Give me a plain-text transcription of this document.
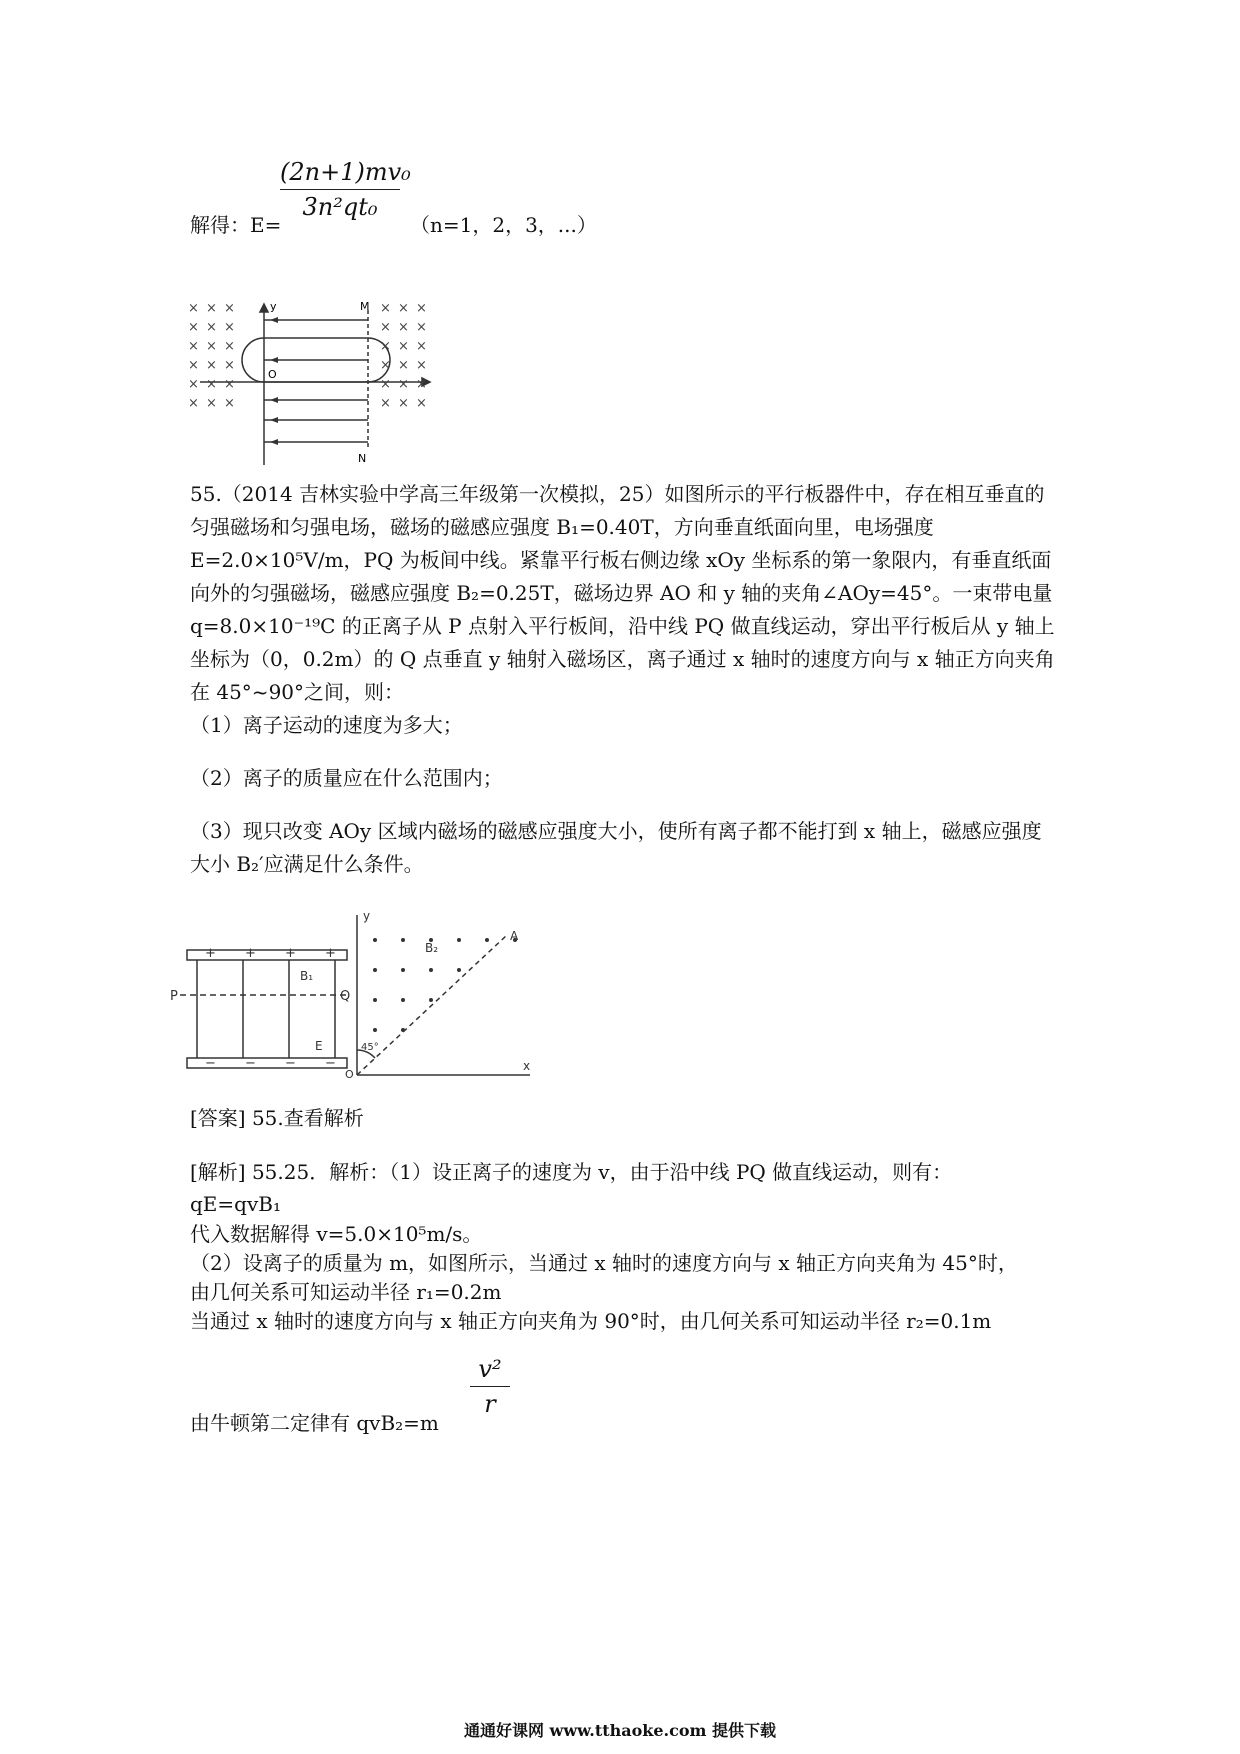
解得：E=
(2n+1)mv₀
3n²qt₀
（n=1，2，3，...）
× × ×	× × ×
× × ×	× × ×
× × ×	× × ×
× × ×	× × ×
× × ×	× × ×
× × ×	× × ×
y	M
N
O
55.（2014 吉林实验中学高三年级第一次模拟，25）如图所示的平行板器件中，存在相互垂直的匀强磁场和匀强电场，磁场的磁感应强度 B₁=0.40T，方向垂直纸面向里，电场强度 E=2.0×10⁵V/m，PQ 为板间中线。紧靠平行板右侧边缘 xOy 坐标系的第一象限内，有垂直纸面向外的匀强磁场，磁感应强度 B₂=0.25T，磁场边界 AO 和 y 轴的夹角∠AOy=45°。一束带电量 q=8.0×10⁻¹⁹C 的正离子从 P 点射入平行板间，沿中线 PQ 做直线运动，穿出平行板后从 y 轴上坐标为（0，0.2m）的 Q 点垂直 y 轴射入磁场区，离子通过 x 轴时的速度方向与 x 轴正方向夹角在 45°~90°之间，则：
（1）离子运动的速度为多大；
（2）离子的质量应在什么范围内；
（3）现只改变 AOy 区域内磁场的磁感应强度大小，使所有离子都不能打到 x 轴上，磁感应强度大小 B₂′应满足什么条件。
+ + + +
− − − −
P	Q
B₁
E
B₂
A
y
x
O
45°
[答案] 55.查看解析
[解析] 55.25．解析：（1）设正离子的速度为 v，由于沿中线 PQ 做直线运动，则有：
qE=qvB₁
代入数据解得 v=5.0×10⁵m/s。
（2）设离子的质量为 m，如图所示，当通过 x 轴时的速度方向与 x 轴正方向夹角为 45°时，
由几何关系可知运动半径 r₁=0.2m
当通过 x 轴时的速度方向与 x 轴正方向夹角为 90°时，由几何关系可知运动半径 r₂=0.1m
由牛顿第二定律有 qvB₂=m
v²
r
通通好课网 www.tthaoke.com 提供下载
